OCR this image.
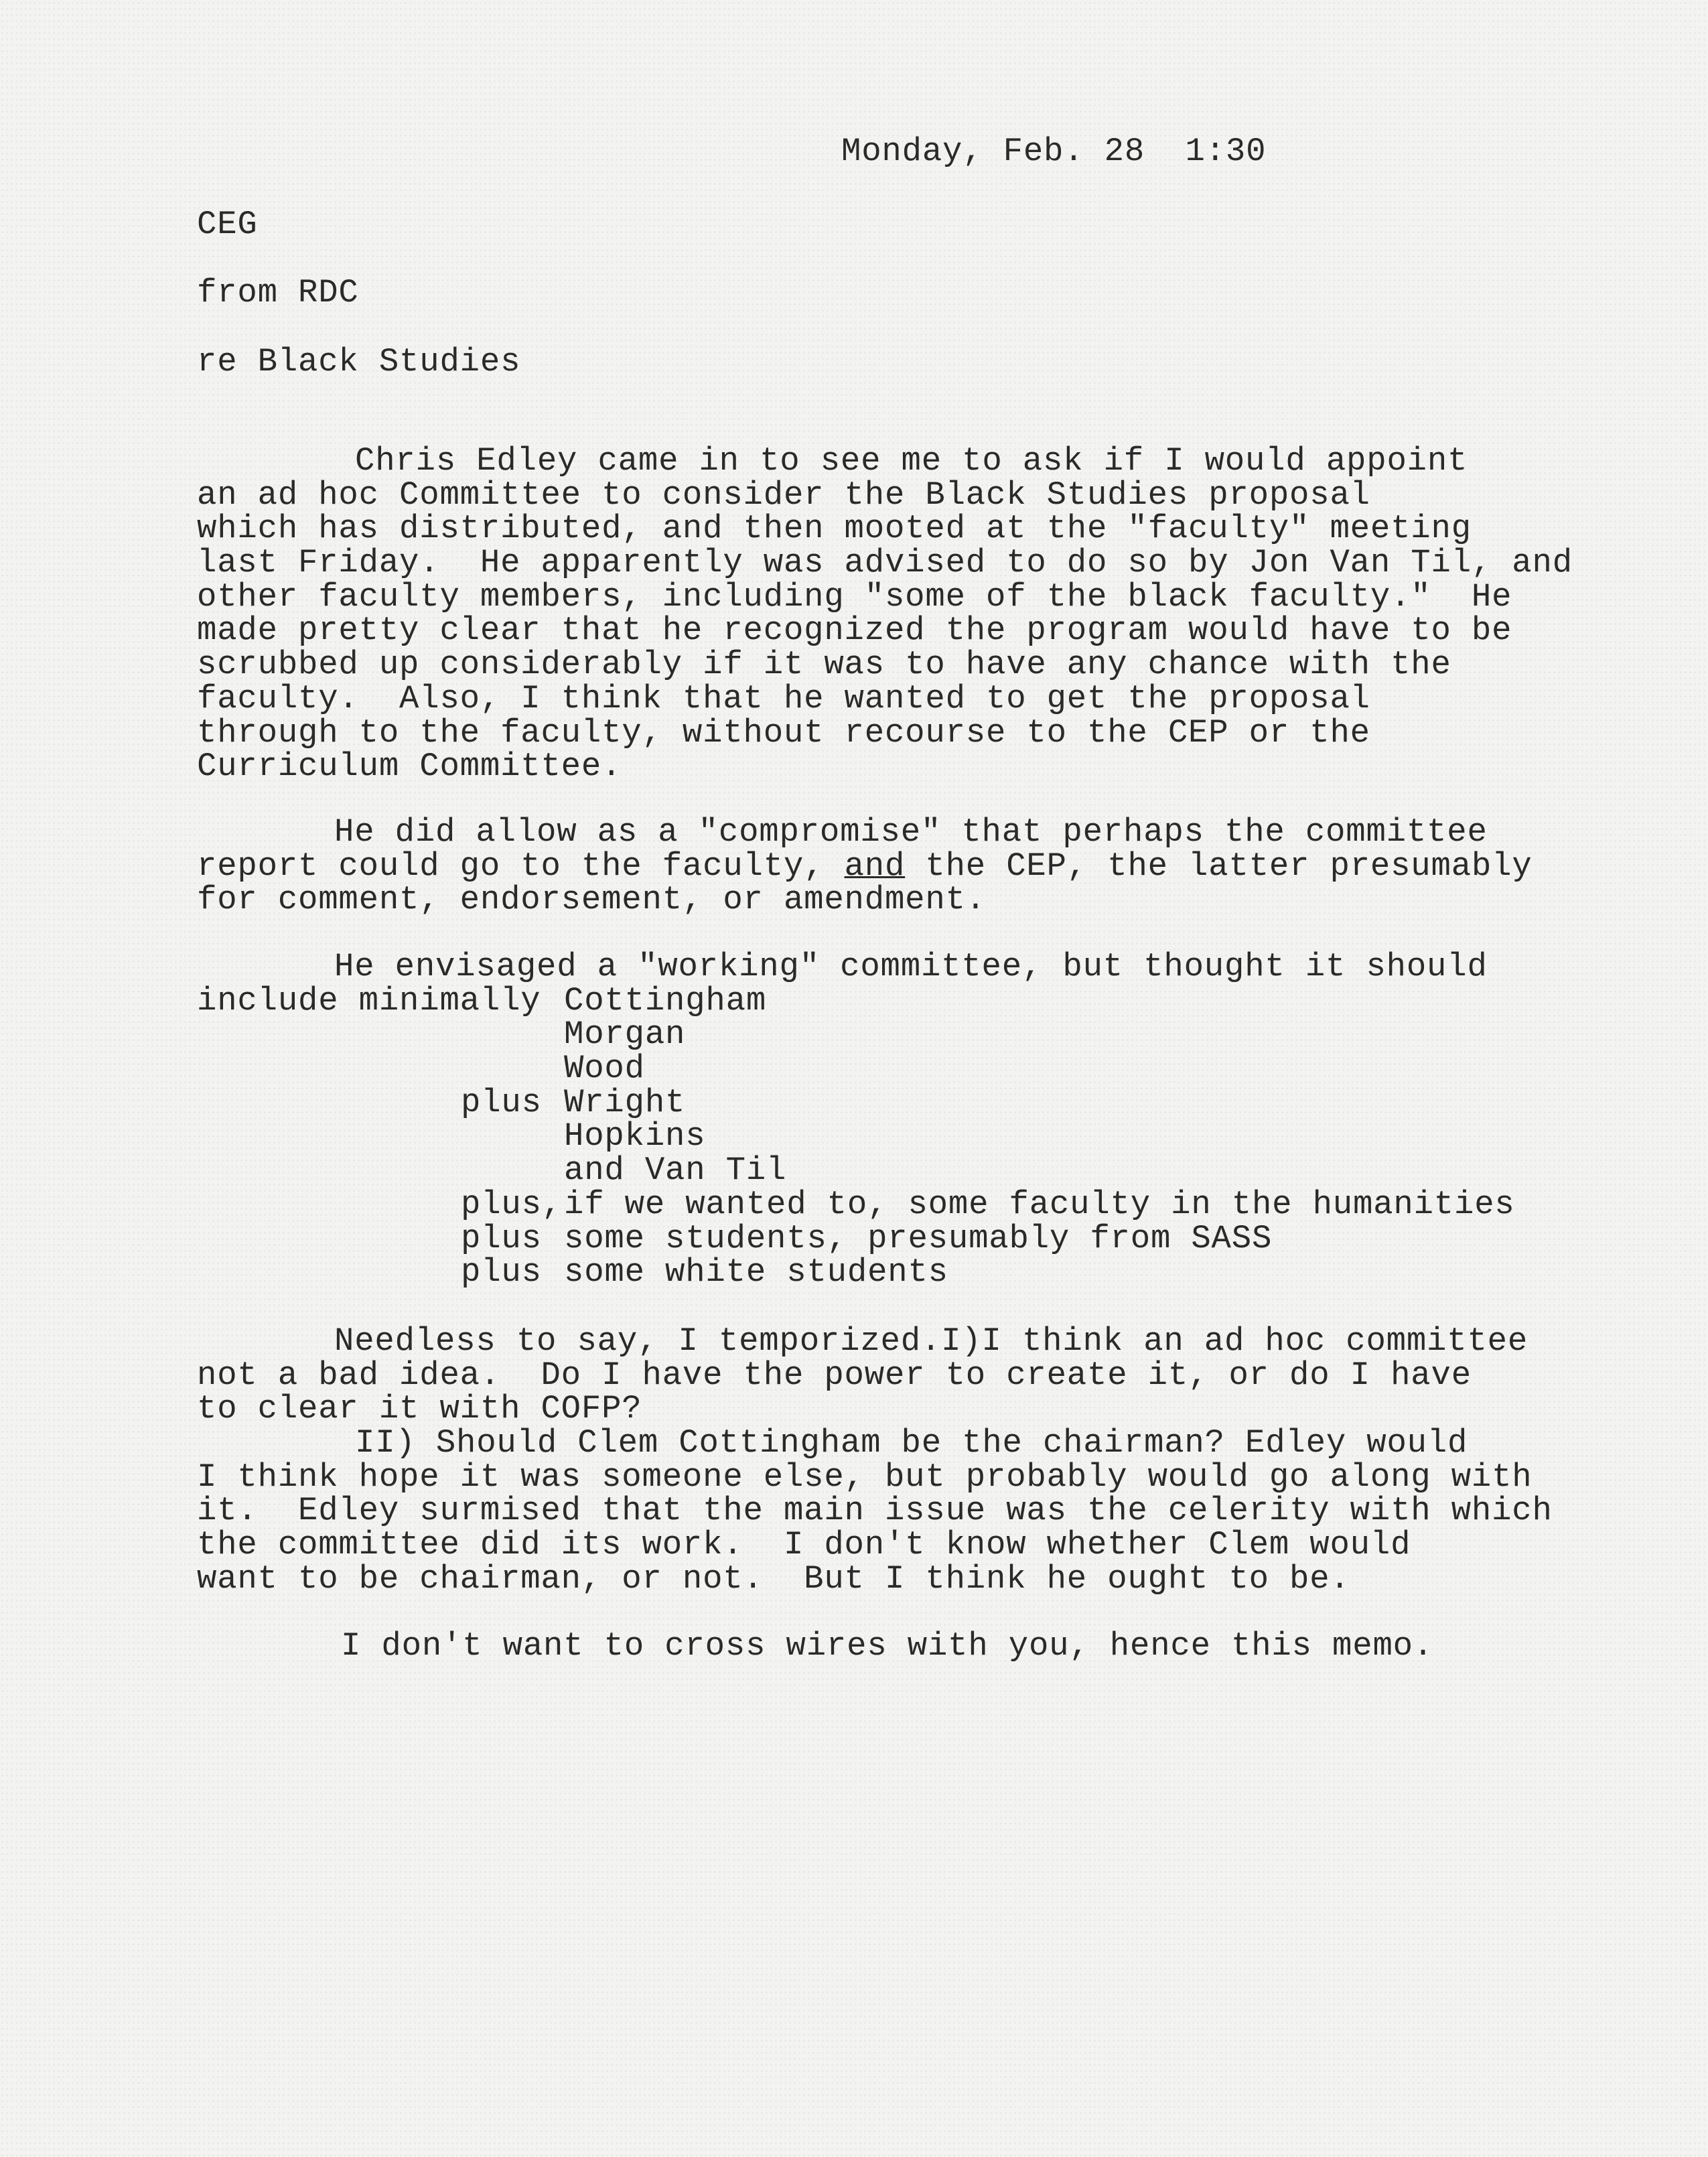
Monday, Feb. 28  1:30
CEG
from RDC
re Black Studies
Chris Edley came in to see me to ask if I would appoint
an ad hoc Committee to consider the Black Studies proposal
which has distributed, and then mooted at the "faculty" meeting
last Friday.  He apparently was advised to do so by Jon Van Til, and
other faculty members, including "some of the black faculty."  He
made pretty clear that he recognized the program would have to be
scrubbed up considerably if it was to have any chance with the
faculty.  Also, I think that he wanted to get the proposal
through to the faculty, without recourse to the CEP or the
Curriculum Committee.
He did allow as a "compromise" that perhaps the committee
report could go to the faculty, and the CEP, the latter presumably
for comment, endorsement, or amendment.
He envisaged a "working" committee, but thought it should
include minimally Cottingham
Morgan
Wood
plus Wright
Hopkins
and Van Til
plus, if we wanted to, some faculty in the humanities
plus some students, presumably from SASS
plus some white students
Needless to say, I temporized.I)I think an ad hoc committee
not a bad idea.  Do I have the power to create it, or do I have
to clear it with COFP?
II) Should Clem Cottingham be the chairman? Edley would
I think hope it was someone else, but probably would go along with
it.  Edley surmised that the main issue was the celerity with which
the committee did its work.  I don't know whether Clem would
want to be chairman, or not.  But I think he ought to be.
I don't want to cross wires with you, hence this memo.
